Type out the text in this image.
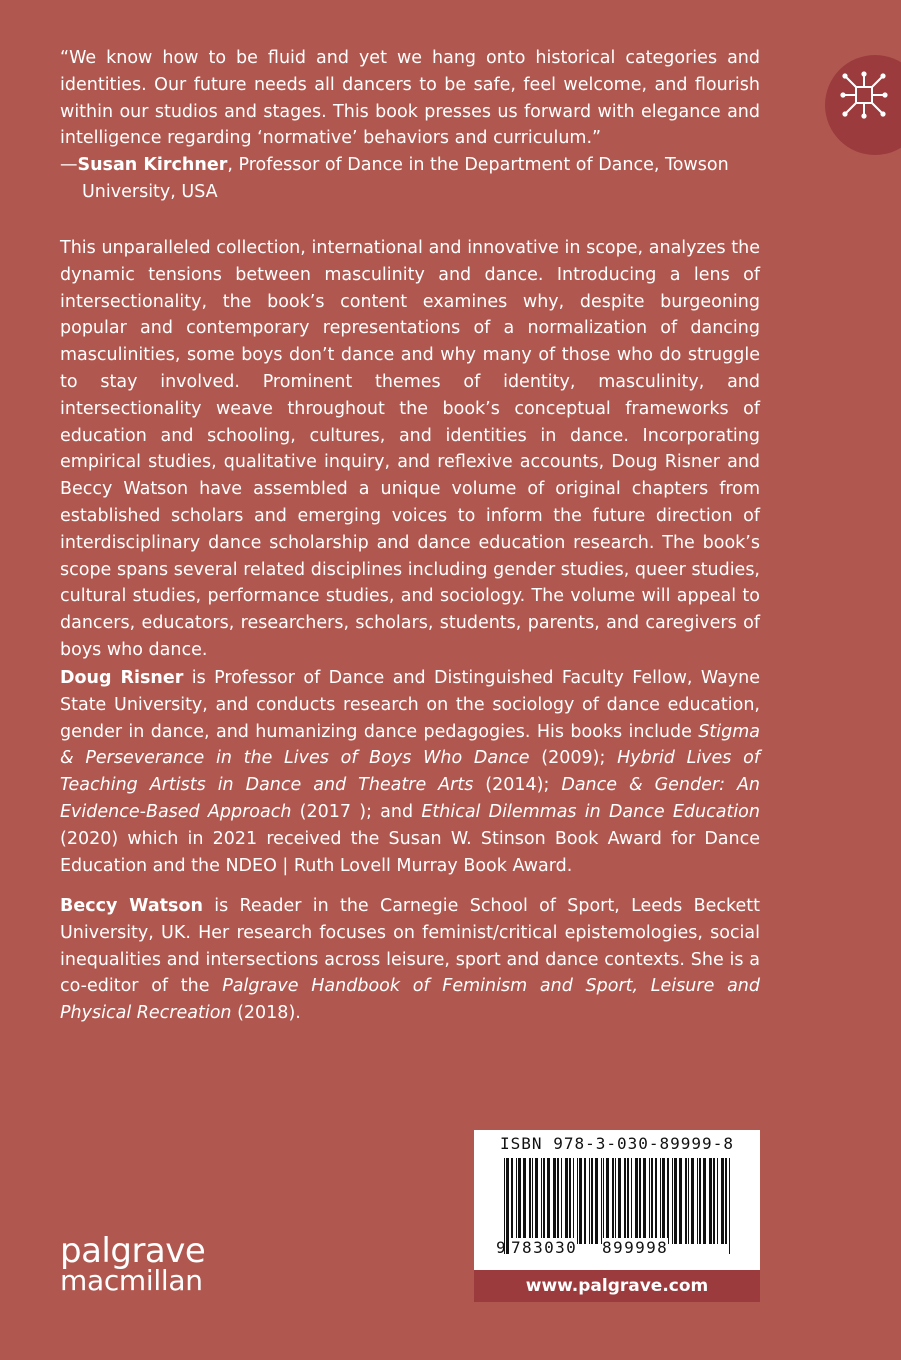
“We know how to be fluid and yet we hang onto historical categories and identities. Our future needs all dancers to be safe, feel welcome, and flourish within our studios and stages. This book presses us forward with elegance and intelligence regarding ‘normative’ behaviors and curriculum.”
—Susan Kirchner, Professor of Dance in the Department of Dance, Towson University, USA
This unparalleled collection, international and innovative in scope, analyzes the dynamic tensions between masculinity and dance. Introducing a lens of intersectionality, the book’s content examines why, despite burgeoning popular and contemporary representations of a normalization of dancing masculinities, some boys don’t dance and why many of those who do struggle to stay involved. Prominent themes of identity, masculinity, and intersectionality weave throughout the book’s conceptual frameworks of education and schooling, cultures, and identities in dance. Incorporating empirical studies, qualitative inquiry, and reflexive accounts, Doug Risner and Beccy Watson have assembled a unique volume of original chapters from established scholars and emerging voices to inform the future direction of interdisciplinary dance scholarship and dance education research. The book’s scope spans several related disciplines including gender studies, queer studies, cultural studies, performance studies, and sociology. The volume will appeal to dancers, educators, researchers, scholars, students, parents, and caregivers of boys who dance.
Doug Risner is Professor of Dance and Distinguished Faculty Fellow, Wayne State University, and conducts research on the sociology of dance education, gender in dance, and humanizing dance pedagogies. His books include Stigma & Perseverance in the Lives of Boys Who Dance (2009); Hybrid Lives of Teaching Artists in Dance and Theatre Arts (2014); Dance & Gender: An Evidence-Based Approach (2017 ); and Ethical Dilemmas in Dance Education (2020) which in 2021 received the Susan W. Stinson Book Award for Dance Education and the NDEO | Ruth Lovell Murray Book Award.
Beccy Watson is Reader in the Carnegie School of Sport, Leeds Beckett University, UK. Her research focuses on feminist/critical epistemologies, social inequalities and intersections across leisure, sport and dance contexts. She is a co-editor of the Palgrave Handbook of Feminism and Sport, Leisure and Physical Recreation (2018).
palgrave
macmillan
ISBN 978-3-030-89999-8
9 783030 899998
www.palgrave.com
